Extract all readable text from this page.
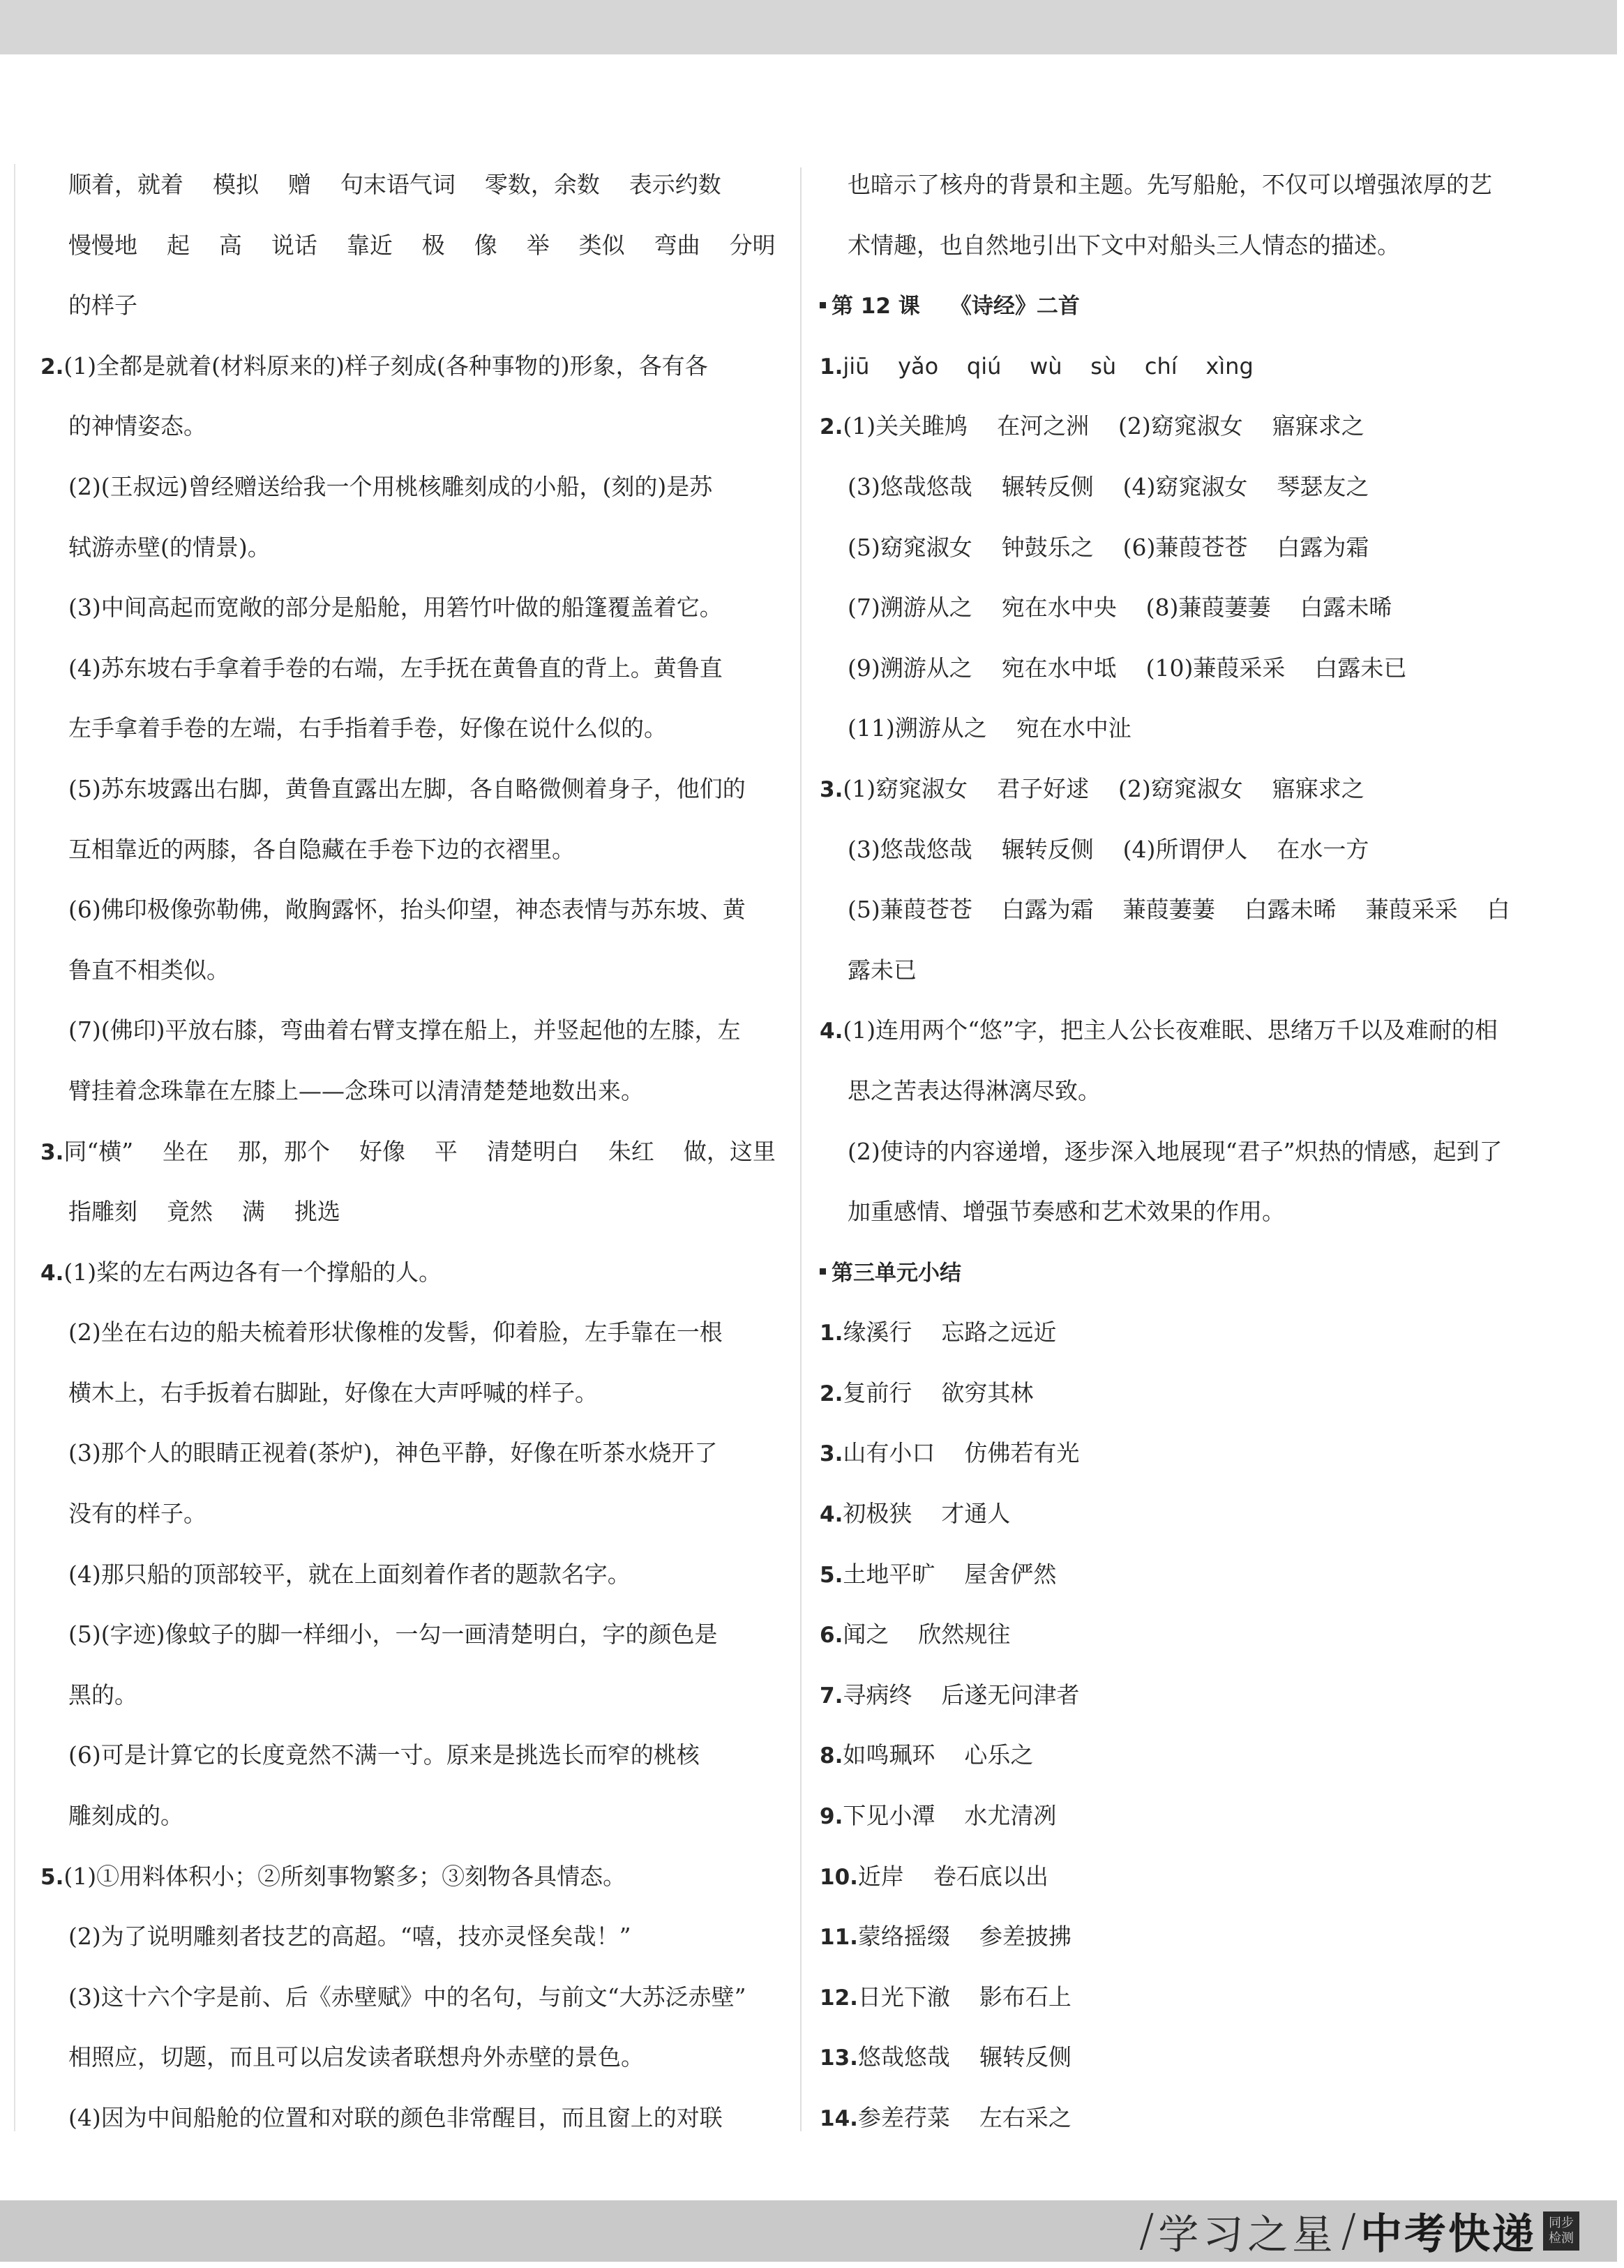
顺着，就着    模拟    赠    句末语气词    零数，余数    表示约数
慢慢地    起    高    说话    靠近    极    像    举    类似    弯曲    分明
的样子
2.(1)全都是就着(材料原来的)样子刻成(各种事物的)形象，各有各
的神情姿态。
(2)(王叔远)曾经赠送给我一个用桃核雕刻成的小船，(刻的)是苏
轼游赤壁(的情景)。
(3)中间高起而宽敞的部分是船舱，用箬竹叶做的船篷覆盖着它。
(4)苏东坡右手拿着手卷的右端，左手抚在黄鲁直的背上。黄鲁直
左手拿着手卷的左端，右手指着手卷，好像在说什么似的。
(5)苏东坡露出右脚，黄鲁直露出左脚，各自略微侧着身子，他们的
互相靠近的两膝，各自隐藏在手卷下边的衣褶里。
(6)佛印极像弥勒佛，敞胸露怀，抬头仰望，神态表情与苏东坡、黄
鲁直不相类似。
(7)(佛印)平放右膝，弯曲着右臂支撑在船上，并竖起他的左膝，左
臂挂着念珠靠在左膝上——念珠可以清清楚楚地数出来。
3.同“横”    坐在    那，那个    好像    平    清楚明白    朱红    做，这里
指雕刻    竟然    满    挑选
4.(1)桨的左右两边各有一个撑船的人。
(2)坐在右边的船夫梳着形状像椎的发髻，仰着脸，左手靠在一根
横木上，右手扳着右脚趾，好像在大声呼喊的样子。
(3)那个人的眼睛正视着(茶炉)，神色平静，好像在听茶水烧开了
没有的样子。
(4)那只船的顶部较平，就在上面刻着作者的题款名字。
(5)(字迹)像蚊子的脚一样细小，一勾一画清楚明白，字的颜色是
黑的。
(6)可是计算它的长度竟然不满一寸。原来是挑选长而窄的桃核
雕刻成的。
5.(1)①用料体积小；②所刻事物繁多；③刻物各具情态。
(2)为了说明雕刻者技艺的高超。“嘻，技亦灵怪矣哉！”
(3)这十六个字是前、后《赤壁赋》中的名句，与前文“大苏泛赤壁”
相照应，切题，而且可以启发读者联想舟外赤壁的景色。
(4)因为中间船舱的位置和对联的颜色非常醒目，而且窗上的对联
也暗示了核舟的背景和主题。先写船舱，不仅可以增强浓厚的艺
术情趣，也自然地引出下文中对船头三人情态的描述。
第 12 课    《诗经》二首
1.jiū    yǎo    qiú    wù    sù    chí    xìng
2.(1)关关雎鸠    在河之洲    (2)窈窕淑女    寤寐求之
(3)悠哉悠哉    辗转反侧    (4)窈窕淑女    琴瑟友之
(5)窈窕淑女    钟鼓乐之    (6)蒹葭苍苍    白露为霜
(7)溯游从之    宛在水中央    (8)蒹葭萋萋    白露未晞
(9)溯游从之    宛在水中坻    (10)蒹葭采采    白露未已
(11)溯游从之    宛在水中沚
3.(1)窈窕淑女    君子好逑    (2)窈窕淑女    寤寐求之
(3)悠哉悠哉    辗转反侧    (4)所谓伊人    在水一方
(5)蒹葭苍苍    白露为霜    蒹葭萋萋    白露未晞    蒹葭采采    白
露未已
4.(1)连用两个“悠”字，把主人公长夜难眠、思绪万千以及难耐的相
思之苦表达得淋漓尽致。
(2)使诗的内容递增，逐步深入地展现“君子”炽热的情感，起到了
加重感情、增强节奏感和艺术效果的作用。
第三单元小结
1.缘溪行    忘路之远近
2.复前行    欲穷其林
3.山有小口    仿佛若有光
4.初极狭    才通人
5.土地平旷    屋舍俨然
6.闻之    欣然规往
7.寻病终    后遂无问津者
8.如鸣珮环    心乐之
9.下见小潭    水尤清冽
10.近岸    卷石底以出
11.蒙络摇缀    参差披拂
12.日光下澈    影布石上
13.悠哉悠哉    辗转反侧
14.参差荇菜    左右采之
/ 学习之星 / 中考快递	同步
检测
